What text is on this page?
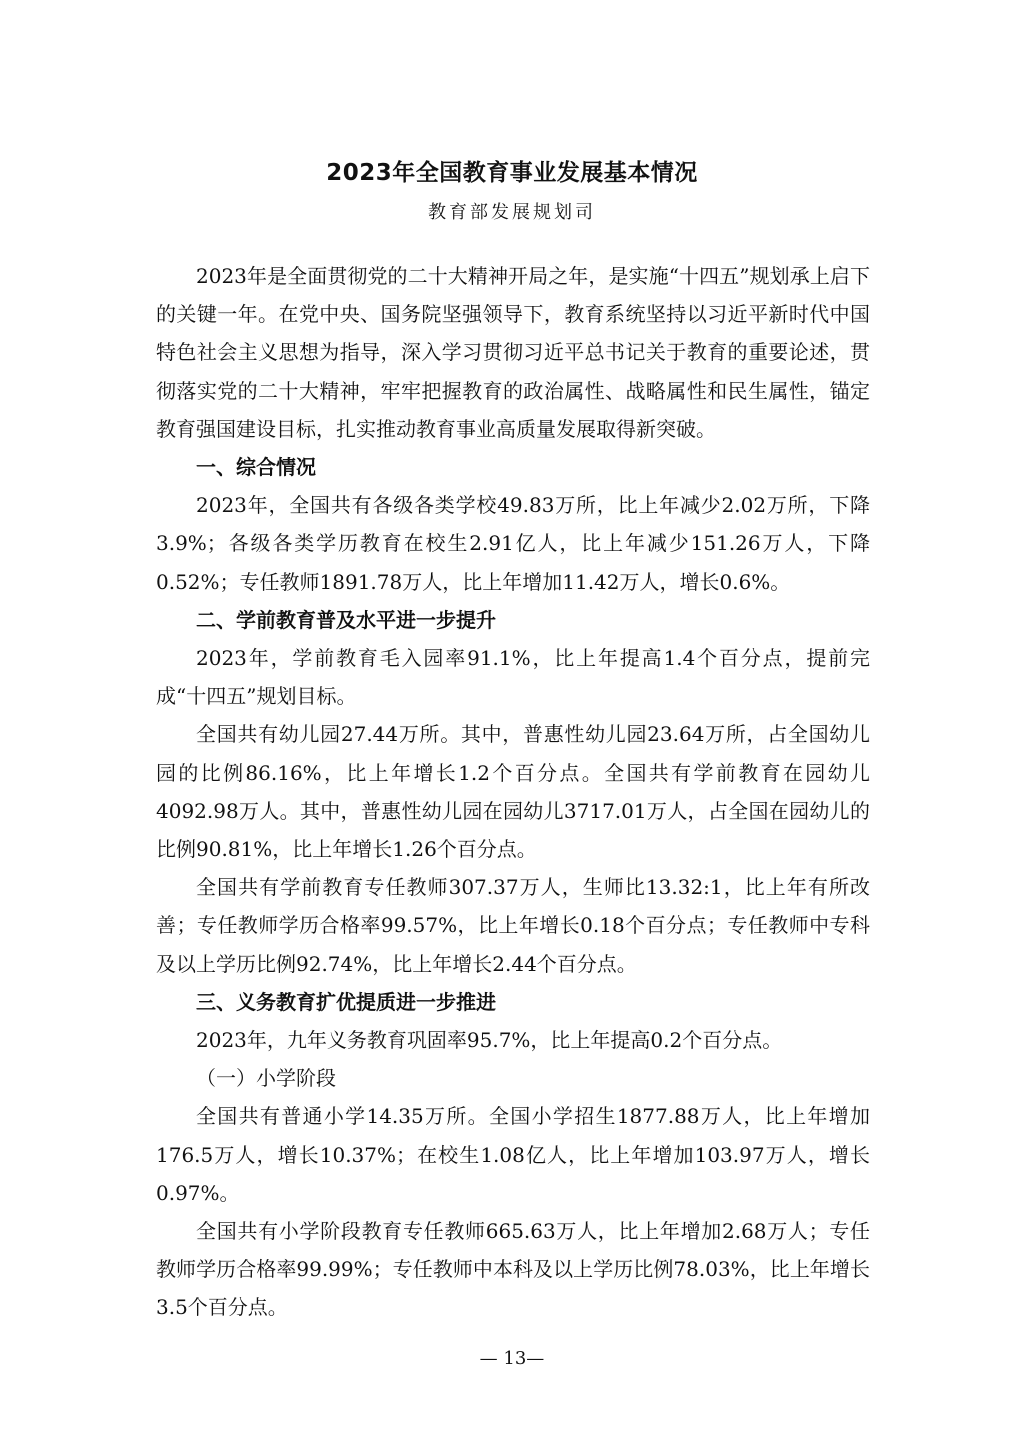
2023年全国教育事业发展基本情况
教育部发展规划司

2023年是全面贯彻党的二十大精神开局之年，是实施“十四五”规划承上启下的关键一年。在党中央、国务院坚强领导下，教育系统坚持以习近平新时代中国特色社会主义思想为指导，深入学习贯彻习近平总书记关于教育的重要论述，贯彻落实党的二十大精神，牢牢把握教育的政治属性、战略属性和民生属性，锚定教育强国建设目标，扎实推动教育事业高质量发展取得新突破。

一、综合情况

2023年，全国共有各级各类学校49.83万所，比上年减少2.02万所，下降3.9%；各级各类学历教育在校生2.91亿人，比上年减少151.26万人，下降0.52%；专任教师1891.78万人，比上年增加11.42万人，增长0.6%。

二、学前教育普及水平进一步提升

2023年，学前教育毛入园率91.1%，比上年提高1.4个百分点，提前完成“十四五”规划目标。

全国共有幼儿园27.44万所。其中，普惠性幼儿园23.64万所，占全国幼儿园的比例86.16%，比上年增长1.2个百分点。全国共有学前教育在园幼儿4092.98万人。其中，普惠性幼儿园在园幼儿3717.01万人，占全国在园幼儿的比例90.81%，比上年增长1.26个百分点。

全国共有学前教育专任教师307.37万人，生师比13.32:1，比上年有所改善；专任教师学历合格率99.57%，比上年增长0.18个百分点；专任教师中专科及以上学历比例92.74%，比上年增长2.44个百分点。

三、义务教育扩优提质进一步推进

2023年，九年义务教育巩固率95.7%，比上年提高0.2个百分点。

（一）小学阶段

全国共有普通小学14.35万所。全国小学招生1877.88万人，比上年增加176.5万人，增长10.37%；在校生1.08亿人，比上年增加103.97万人，增长0.97%。

全国共有小学阶段教育专任教师665.63万人，比上年增加2.68万人；专任教师学历合格率99.99%；专任教师中本科及以上学历比例78.03%，比上年增长3.5个百分点。

— 13—
